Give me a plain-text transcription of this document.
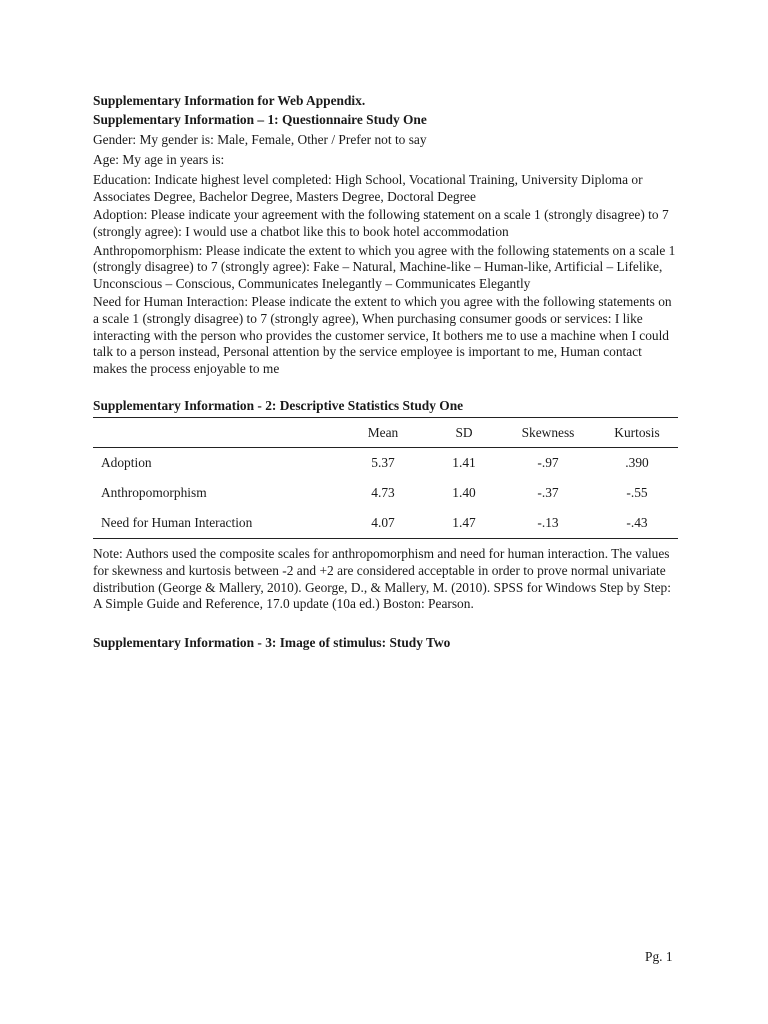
Supplementary Information for Web Appendix.

Supplementary Information – 1: Questionnaire Study One

Gender: My gender is: Male, Female, Other / Prefer not to say

Age: My age in years is:

Education: Indicate highest level completed: High School, Vocational Training, University Diploma or Associates Degree, Bachelor Degree, Masters Degree, Doctoral Degree

Adoption: Please indicate your agreement with the following statement on a scale 1 (strongly disagree) to 7 (strongly agree): I would use a chatbot like this to book hotel accommodation

Anthropomorphism: Please indicate the extent to which you agree with the following statements on a scale 1 (strongly disagree) to 7 (strongly agree): Fake – Natural, Machine-like – Human-like, Artificial – Lifelike, Unconscious – Conscious, Communicates Inelegantly – Communicates Elegantly

Need for Human Interaction: Please indicate the extent to which you agree with the following statements on a scale 1 (strongly disagree) to 7 (strongly agree), When purchasing consumer goods or services: I like interacting with the person who provides the customer service, It bothers me to use a machine when I could talk to a person instead, Personal attention by the service employee is important to me, Human contact makes the process enjoyable to me

Supplementary Information - 2: Descriptive Statistics Study One

	Mean	SD	Skewness	Kurtosis
Adoption	5.37	1.41	-.97	.390
Anthropomorphism	4.73	1.40	-.37	-.55
Need for Human Interaction	4.07	1.47	-.13	-.43

Note: Authors used the composite scales for anthropomorphism and need for human interaction. The values for skewness and kurtosis between -2 and +2 are considered acceptable in order to prove normal univariate distribution (George & Mallery, 2010). George, D., & Mallery, M. (2010). SPSS for Windows Step by Step: A Simple Guide and Reference, 17.0 update (10a ed.) Boston: Pearson.

Supplementary Information - 3: Image of stimulus: Study Two

Pg. 1
